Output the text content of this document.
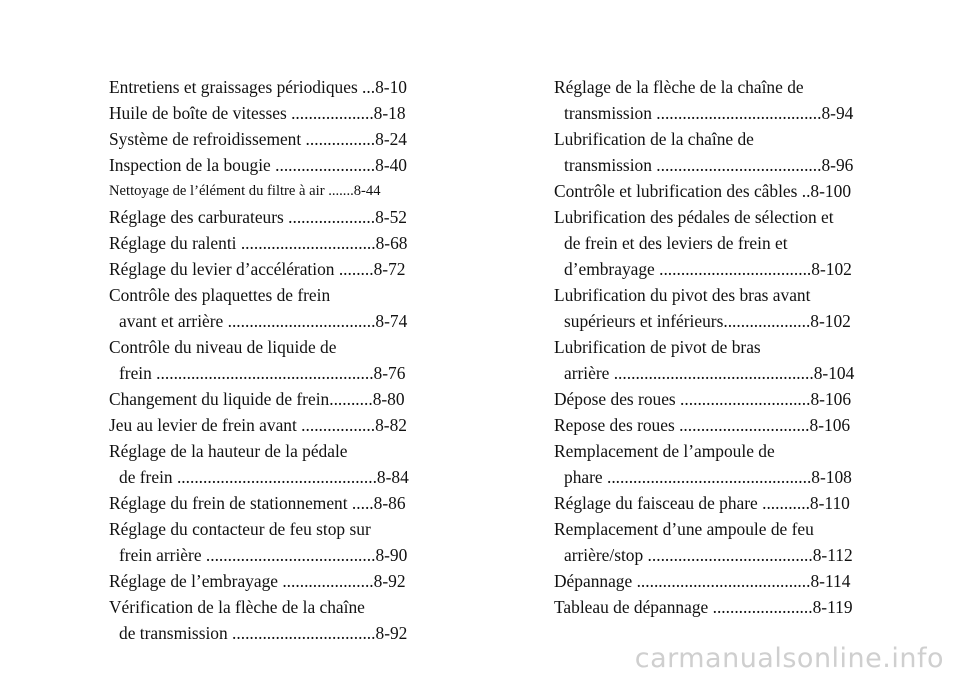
Entretiens et graissages périodiques ...8-10
Huile de boîte de vitesses ...................8-18
Système de refroidissement ................8-24
Inspection de la bougie .......................8-40
Nettoyage de l’élément du filtre à air .......8-44
Réglage des carburateurs ....................8-52
Réglage du ralenti ...............................8-68
Réglage du levier d’accélération ........8-72
Contrôle des plaquettes de frein
avant et arrière ..................................8-74
Contrôle du niveau de liquide de
frein ..................................................8-76
Changement du liquide de frein..........8-80
Jeu au levier de frein avant .................8-82
Réglage de la hauteur de la pédale
de frein ..............................................8-84
Réglage du frein de stationnement .....8-86
Réglage du contacteur de feu stop sur
frein arrière .......................................8-90
Réglage de l’embrayage .....................8-92
Vérification de la flèche de la chaîne
de transmission .................................8-92
Réglage de la flèche de la chaîne de
transmission ......................................8-94
Lubrification de la chaîne de
transmission ......................................8-96
Contrôle et lubrification des câbles ..8-100
Lubrification des pédales de sélection et
de frein et des leviers de frein et
d’embrayage ...................................8-102
Lubrification du pivot des bras avant
supérieurs et inférieurs....................8-102
Lubrification de pivot de bras
arrière ..............................................8-104
Dépose des roues ..............................8-106
Repose des roues ..............................8-106
Remplacement de l’ampoule de
phare ...............................................8-108
Réglage du faisceau de phare ...........8-110
Remplacement d’une ampoule de feu
arrière/stop ......................................8-112
Dépannage ........................................8-114
Tableau de dépannage .......................8-119
carmanualsonline.info
